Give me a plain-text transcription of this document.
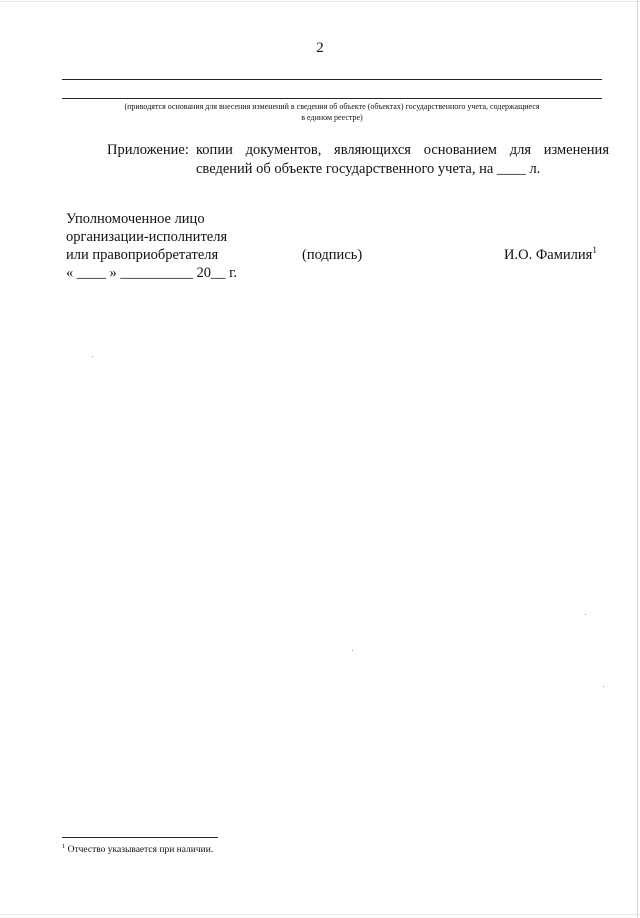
2
(приводятся основания для внесения изменений в сведения об объекте (объектах) государственного учета, содержащиеся
в едином реестре)
Приложение: копии документов, являющихся основанием для изменения
сведений об объекте государственного учета, на ____ л.
Уполномоченное лицо
организации-исполнителя
или правоприобретателя	(подпись)	И.О. Фамилия$^1$
« ____ » __________ 20__ г.
$^1$ Отчество указывается при наличии.
